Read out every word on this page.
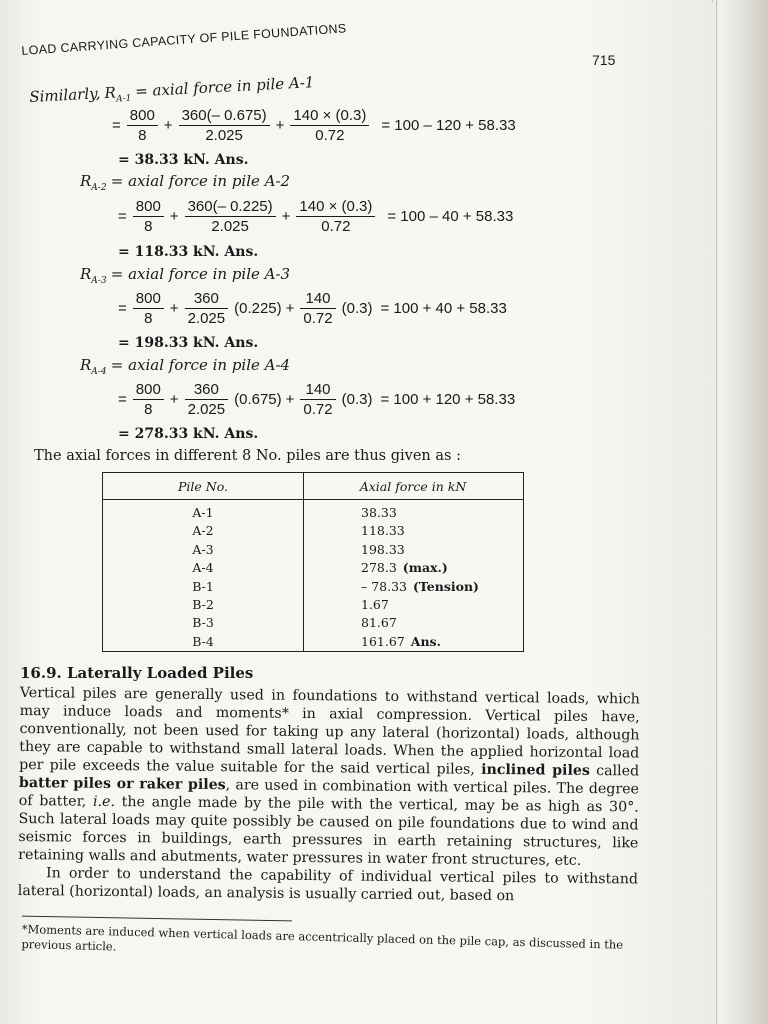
LOAD CARRYING CAPACITY OF PILE FOUNDATIONS
715
Similarly, $R_{A-1}$ = axial force in pile A-1
= $\frac{800}{8} + \frac{360(- 0.675)}{2.025} + \frac{140 \times (0.3)}{0.72} = 100 - 120 + 58.33$
= 38.33 kN. Ans.
$R_{A-2}$ = axial force in pile A-2
= $\frac{800}{8} + \frac{360(- 0.225)}{2.025} + \frac{140 \times (0.3)}{0.72} = 100 - 40 + 58.33$
= 118.33 kN. Ans.
$R_{A-3}$ = axial force in pile A-3
= $\frac{800}{8} + \frac{360}{2.025} (0.225) + \frac{140}{0.72} (0.3) = 100 + 40 + 58.33$
= 198.33 kN. Ans.
$R_{A-4}$ = axial force in pile A-4
= $\frac{800}{8} + \frac{360}{2.025} (0.675) + \frac{140}{0.72} (0.3) = 100 + 120 + 58.33$
= 278.33 kN. Ans.
The axial forces in different 8 No. piles are thus given as :
Pile No.	Axial force in kN
A-1	38.33
A-2	118.33
A-3	198.33
A-4	278.3 (max.)
B-1	– 78.33 (Tension)
B-2	1.67
B-3	81.67
B-4	161.67 Ans.
16.9. Laterally Loaded Piles

Vertical piles are generally used in foundations to withstand vertical loads, which may induce loads and moments* in axial compression. Vertical piles have, conventionally, not been used for taking up any lateral (horizontal) loads, although they are capable to withstand small lateral loads. When the applied horizontal load per pile exceeds the value suitable for the said vertical piles, inclined piles called batter piles or raker piles, are used in combination with vertical piles. The degree of batter, i.e. the angle made by the pile with the vertical, may be as high as 30°. Such lateral loads may quite possibly be caused on pile foundations due to wind and seismic forces in buildings, earth pressures in earth retaining structures, like retaining walls and abutments, water pressures in water front structures, etc.

In order to understand the capability of individual vertical piles to withstand lateral (horizontal) loads, an analysis is usually carried out, based on

*Moments are induced when vertical loads are accentrically placed on the pile cap, as discussed in the previous article.
